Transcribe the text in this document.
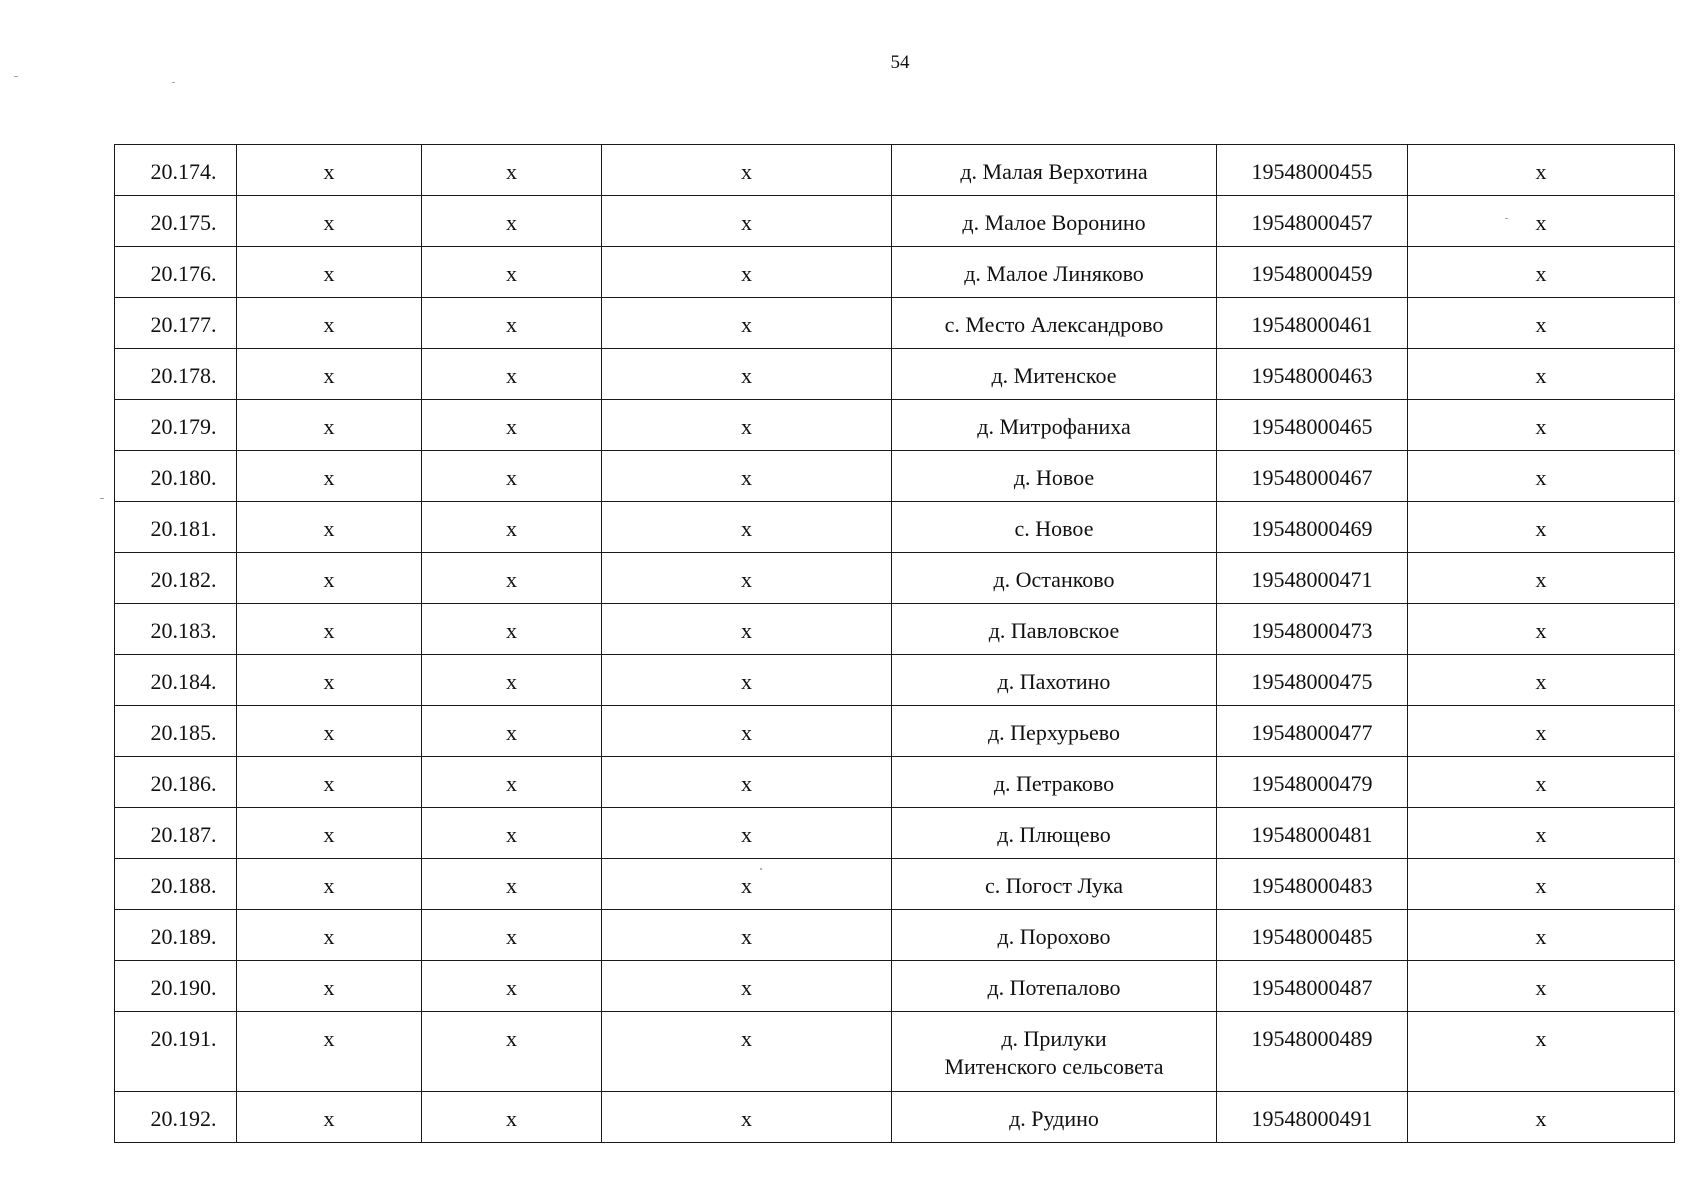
54
20.174.	х	х	х	д. Малая Верхотина	19548000455	х
20.175.	х	х	х	д. Малое Воронино	19548000457	х
20.176.	х	х	х	д. Малое Линяково	19548000459	х
20.177.	х	х	х	с. Место Александрово	19548000461	х
20.178.	х	х	х	д. Митенское	19548000463	х
20.179.	х	х	х	д. Митрофаниха	19548000465	х
20.180.	х	х	х	д. Новое	19548000467	х
20.181.	х	х	х	с. Новое	19548000469	х
20.182.	х	х	х	д. Останково	19548000471	х
20.183.	х	х	х	д. Павловское	19548000473	х
20.184.	х	х	х	д. Пахотино	19548000475	х
20.185.	х	х	х	д. Перхурьево	19548000477	х
20.186.	х	х	х	д. Петраково	19548000479	х
20.187.	х	х	х	д. Плющево	19548000481	х
20.188.	х	х	х	с. Погост Лука	19548000483	х
20.189.	х	х	х	д. Порохово	19548000485	х
20.190.	х	х	х	д. Потепалово	19548000487	х
20.191.	х	х	х	д. Прилуки
Митенского сельсовета	19548000489	х
20.192.	х	х	х	д. Рудино	19548000491	х
